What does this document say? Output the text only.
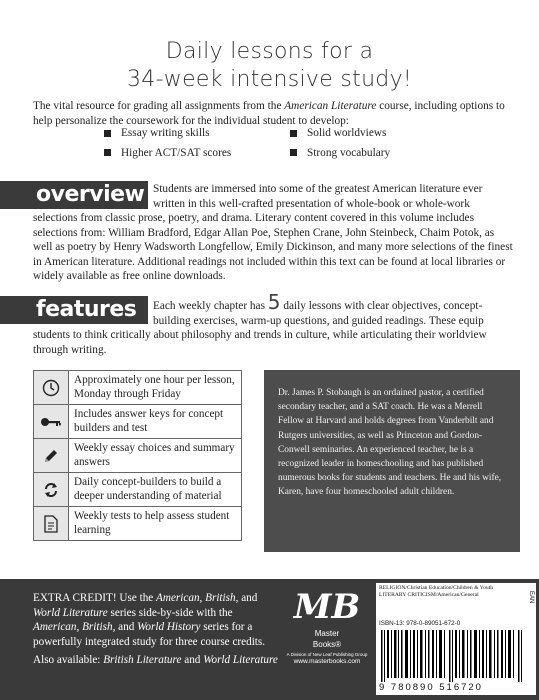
Daily lessons for a
34-week intensive study!
The vital resource for grading all assignments from the American Literature course, including options to help personalize the coursework for the individual student to develop:
Essay writing skills	Solid worldviews
Higher ACT/SAT scores	Strong vocabulary
overview Students are immersed into some of the greatest American literature ever written in this well-crafted presentation of whole-book or whole-work selections from classic prose, poetry, and drama. Literary content covered in this volume includes selections from: William Bradford, Edgar Allan Poe, Stephen Crane, John Steinbeck, Chaim Potok, as well as poetry by Henry Wadsworth Longfellow, Emily Dickinson, and many more selections of the finest in American literature. Additional readings not included within this text can be found at local libraries or widely available as free online downloads.
features	Each weekly chapter has 5 daily lessons with clear objectives, concept-building exercises, warm-up questions, and guided readings. These equip students to think critically about philosophy and trends in culture, while articulating their worldview through writing.
Approximately one hour per lesson, Monday through Friday
Includes answer keys for concept builders and test
Weekly essay choices and summary answers
Daily concept-builders to build a deeper understanding of material
Weekly tests to help assess student learning
Dr. James P. Stobaugh is an ordained pastor, a certified secondary teacher, and a SAT coach. He was a Merrell Fellow at Harvard and holds degrees from Vanderbilt and Rutgers universities, as well as Princeton and Gordon-Conwell seminaries. An experienced teacher, he is a recognized leader in homeschooling and has published numerous books for students and teachers. He and his wife, Karen, have four homeschooled adult children.
EXTRA CREDIT! Use the American, British, and World Literature series side-by-side with the American, British, and World History series for a powerfully integrated study for three course credits.
Also available: British Literature and World Literature
MB
Master
Books®
A Division of New Leaf Publishing Group
www.masterbooks.com
RELIGION/Christian Education/Children & Youth LITERARY CRITICISM/American/General	EAN
ISBN-13: 978-0-89051-672-0
9 780890 516720
